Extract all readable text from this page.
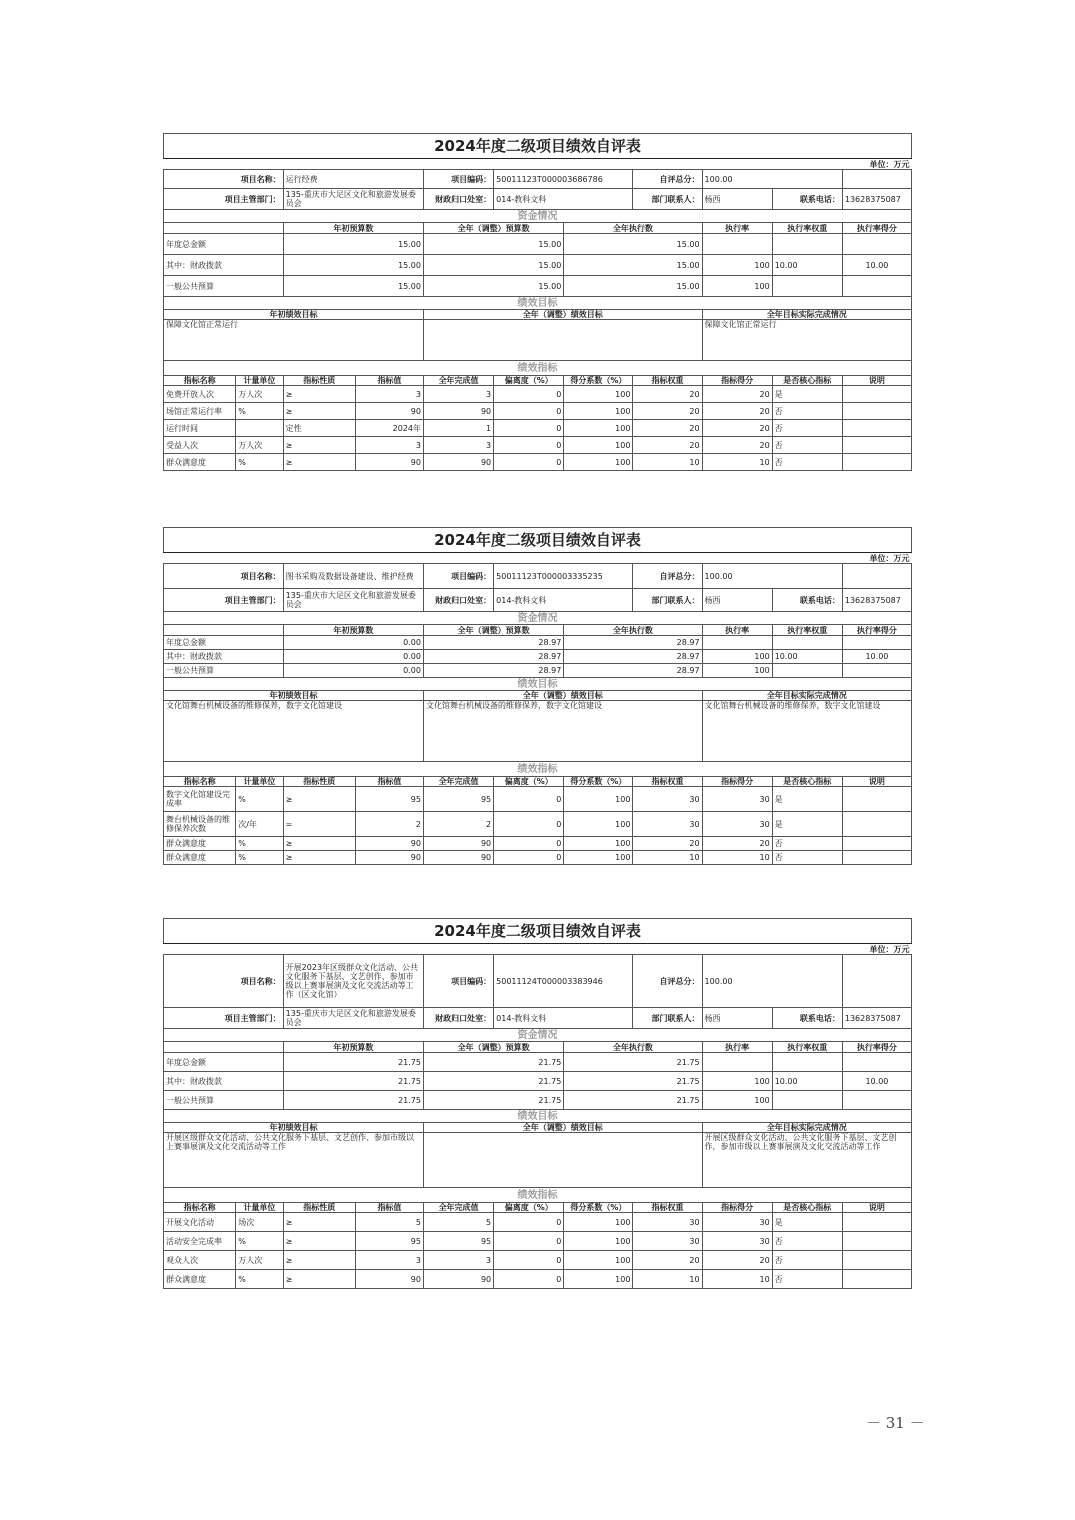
2024年度二级项目绩效自评表										
单位：万元										
项目名称：		运行经费		项目编码：	50011123T000003686786		自评总分：	100.00		
项目主管部门：		135-重庆市大足区文化和旅游发展委员会		财政归口处室：	014-教科文科		部门联系人：	杨西	联系电话：	13628375087
资金情况										
		年初预算数		全年（调整）预算数		全年执行数		执行率	执行率权重	执行率得分
年度总金额		15.00		15.00		15.00				
其中：财政拨款		15.00		15.00		15.00		100	10.00	10.00
一般公共预算		15.00		15.00		15.00		100		
绩效目标										
年初绩效目标				全年（调整）绩效目标				全年目标实际完成情况		
保障文化馆正常运行								保障文化馆正常运行		
绩效指标										
指标名称	计量单位	指标性质	指标值	全年完成值	偏离度（%）	得分系数（%）	指标权重	指标得分	是否核心指标	说明
免费开放人次	万人次	≥	3	3	0	100	20	20	是	
场馆正常运行率	%	≥	90	90	0	100	20	20	否	
运行时间		定性	2024年	1	0	100	20	20	否	
受益人次	万人次	≥	3	3	0	100	20	20	否	
群众满意度	%	≥	90	90	0	100	10	10	否	
2024年度二级项目绩效自评表										
单位：万元										
项目名称：		图书采购及数据设备建设、维护经费		项目编码：	50011123T000003335235		自评总分：	100.00		
项目主管部门：		135-重庆市大足区文化和旅游发展委员会		财政归口处室：	014-教科文科		部门联系人：	杨西	联系电话：	13628375087
资金情况										
		年初预算数		全年（调整）预算数		全年执行数		执行率	执行率权重	执行率得分
年度总金额		0.00		28.97		28.97				
其中：财政拨款		0.00		28.97		28.97		100	10.00	10.00
一般公共预算		0.00		28.97		28.97		100		
绩效目标										
年初绩效目标				全年（调整）绩效目标				全年目标实际完成情况		
文化馆舞台机械设备的维修保养，数字文化馆建设				文化馆舞台机械设备的维修保养，数字文化馆建设				文化馆舞台机械设备的维修保养，数字文化馆建设		
绩效指标										
指标名称	计量单位	指标性质	指标值	全年完成值	偏离度（%）	得分系数（%）	指标权重	指标得分	是否核心指标	说明
数字文化馆建设完成率	%	≥	95	95	0	100	30	30	是	
舞台机械设备的维修保养次数	次/年	=	2	2	0	100	30	30	是	
群众满意度	%	≥	90	90	0	100	20	20	否	
群众满意度	%	≥	90	90	0	100	10	10	否	
2024年度二级项目绩效自评表										
单位：万元										
项目名称：		开展2023年区级群众文化活动、公共文化服务下基层、文艺创作、参加市级以上赛事展演及文化交流活动等工作（区文化馆）		项目编码：	50011124T000003383946		自评总分：	100.00		
项目主管部门：		135-重庆市大足区文化和旅游发展委员会		财政归口处室：	014-教科文科		部门联系人：	杨西	联系电话：	13628375087
资金情况										
		年初预算数		全年（调整）预算数		全年执行数		执行率	执行率权重	执行率得分
年度总金额		21.75		21.75		21.75				
其中：财政拨款		21.75		21.75		21.75		100	10.00	10.00
一般公共预算		21.75		21.75		21.75		100		
绩效目标										
年初绩效目标				全年（调整）绩效目标				全年目标实际完成情况		
开展区级群众文化活动、公共文化服务下基层、文艺创作、参加市级以上赛事展演及文化交流活动等工作								开展区级群众文化活动、公共文化服务下基层、文艺创作，参加市级以上赛事展演及文化交流活动等工作		
绩效指标										
指标名称	计量单位	指标性质	指标值	全年完成值	偏离度（%）	得分系数（%）	指标权重	指标得分	是否核心指标	说明
开展文化活动	场次	≥	5	5	0	100	30	30	是	
活动安全完成率	%	≥	95	95	0	100	30	30	否	
观众人次	万人次	≥	3	3	0	100	20	20	否	
群众满意度	%	≥	90	90	0	100	10	10	否	
－ 31 －
